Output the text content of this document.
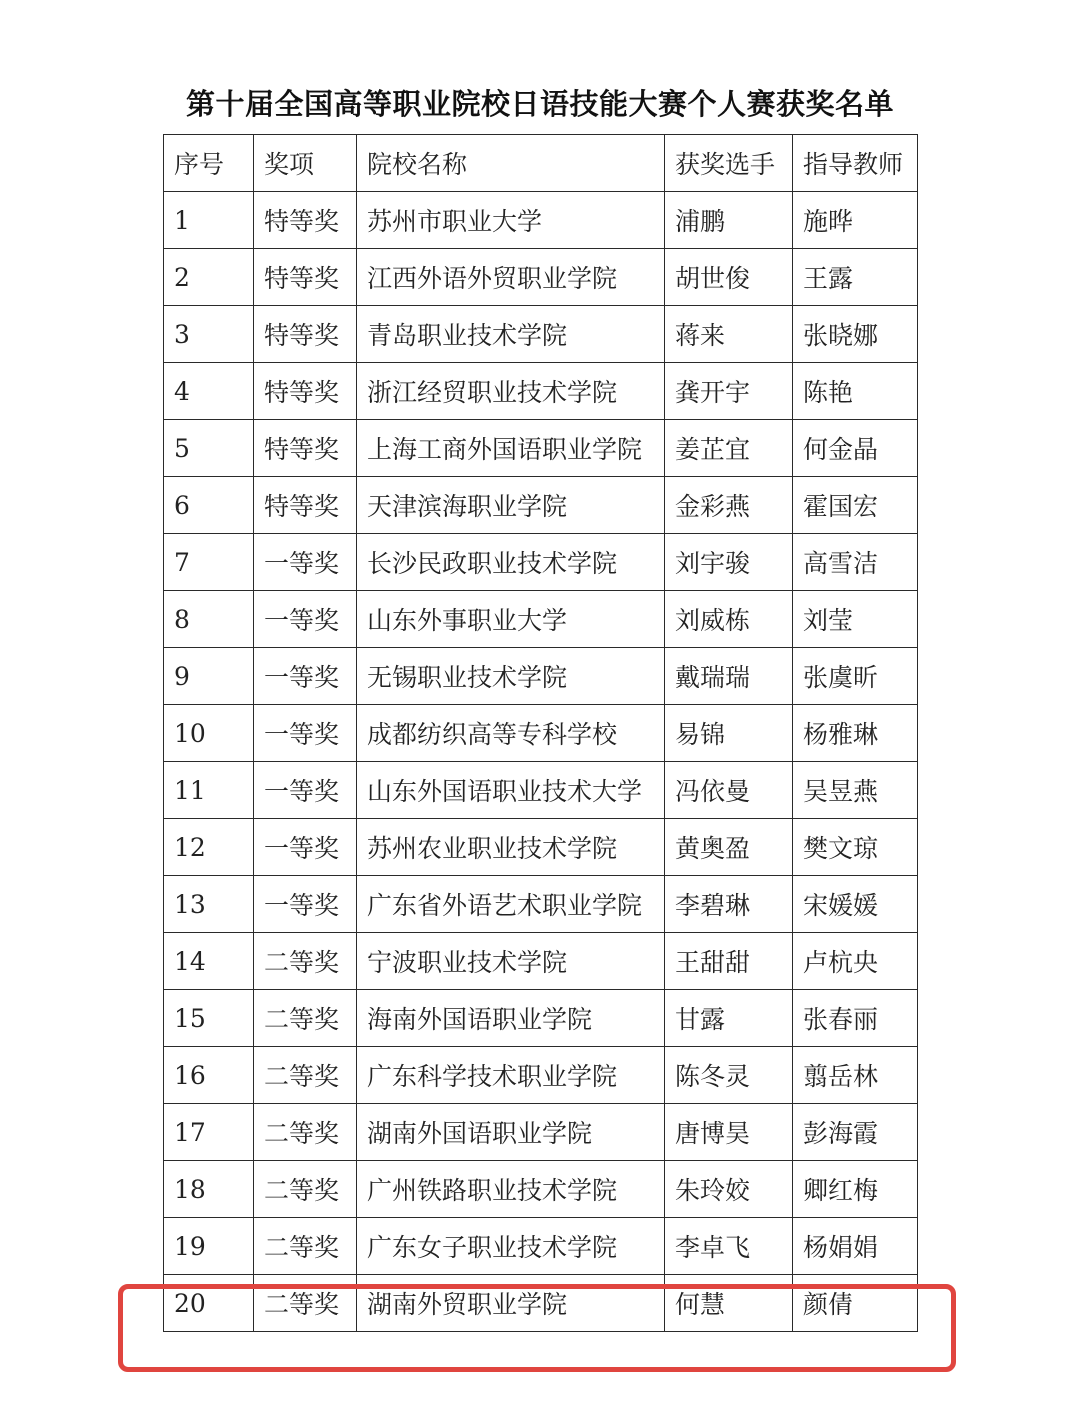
第十届全国高等职业院校日语技能大赛个人赛获奖名单
序号	奖项	院校名称	获奖选手	指导教师
1	特等奖	苏州市职业大学	浦鹏	施晔
2	特等奖	江西外语外贸职业学院	胡世俊	王露
3	特等奖	青岛职业技术学院	蒋来	张晓娜
4	特等奖	浙江经贸职业技术学院	龚开宇	陈艳
5	特等奖	上海工商外国语职业学院	姜芷宜	何金晶
6	特等奖	天津滨海职业学院	金彩燕	霍国宏
7	一等奖	长沙民政职业技术学院	刘宇骏	高雪洁
8	一等奖	山东外事职业大学	刘威栋	刘莹
9	一等奖	无锡职业技术学院	戴瑞瑞	张虞昕
10	一等奖	成都纺织高等专科学校	易锦	杨雅琳
11	一等奖	山东外国语职业技术大学	冯依曼	吴昱燕
12	一等奖	苏州农业职业技术学院	黄奥盈	樊文琼
13	一等奖	广东省外语艺术职业学院	李碧琳	宋媛媛
14	二等奖	宁波职业技术学院	王甜甜	卢杭央
15	二等奖	海南外国语职业学院	甘露	张春丽
16	二等奖	广东科学技术职业学院	陈冬灵	翦岳林
17	二等奖	湖南外国语职业学院	唐博昊	彭海霞
18	二等奖	广州铁路职业技术学院	朱玲姣	卿红梅
19	二等奖	广东女子职业技术学院	李卓飞	杨娟娟
20	二等奖	湖南外贸职业学院	何慧	颜倩
